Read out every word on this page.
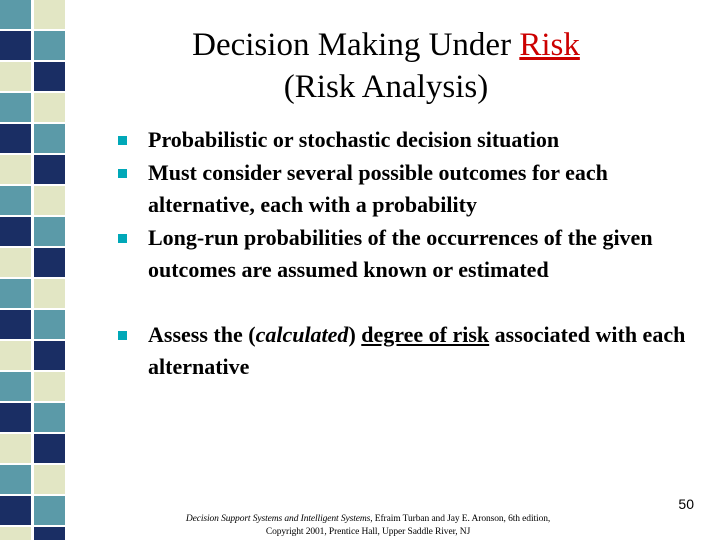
Decision Making Under Risk
(Risk Analysis)
Probabilistic or stochastic decision situation
Must consider several possible outcomes for each alternative, each with a probability
Long-run probabilities of the occurrences of the given outcomes are assumed known or estimated
Assess the (calculated) degree of risk associated with each alternative
50
Decision Support Systems and Intelligent Systems, Efraim Turban and Jay E. Aronson, 6th edition,
Copyright 2001, Prentice Hall, Upper Saddle River, NJ
